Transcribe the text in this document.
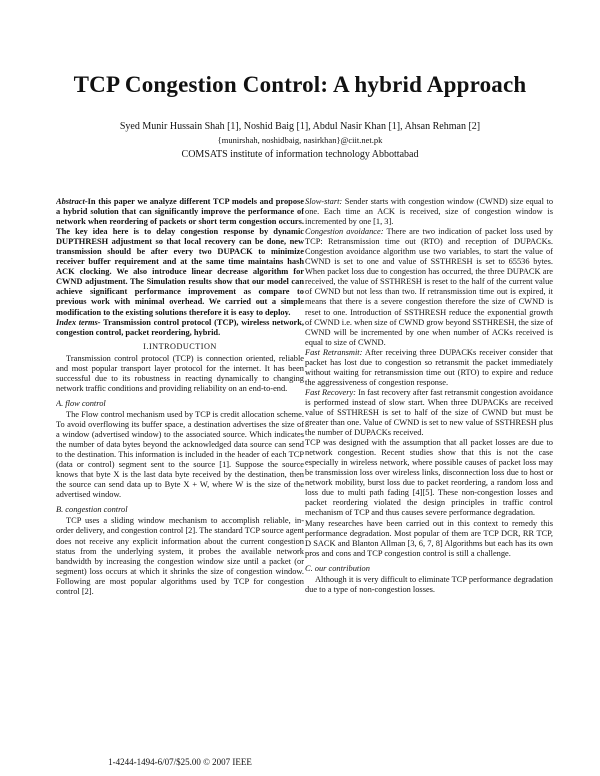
TCP Congestion Control: A hybrid Approach
Syed Munir Hussain Shah [1], Noshid Baig [1], Abdul Nasir Khan [1], Ahsan Rehman [2]
{munirshah, noshidbaig, nasirkhan}@ciit.net.pk
COMSATS institute of information technology Abbottabad

Abstract-In this paper we analyze different TCP models and propose a hybrid solution that can significantly improve the performance of network when reordering of packets or short term congestion occurs. The key idea here is to delay congestion response by dynamic DUPTHRESH adjustment so that local recovery can be done, new transmission should be after every two DUPACK to minimize receiver buffer requirement and at the same time maintains hash ACK clocking. We also introduce linear decrease algorithm for CWND adjustment. The Simulation results show that our model can achieve significant performance improvement as compare to previous work with minimal overhead. We carried out a simple modification to the existing solutions therefore it is easy to deploy.

Index terms- Transmission control protocol (TCP), wireless network, congestion control, packet reordering, hybrid.

I.INTRODUCTION

Transmission control protocol (TCP) is connection oriented, reliable and most popular transport layer protocol for the internet. It has been successful due to its robustness in reacting dynamically to changing network traffic conditions and providing reliability on an end-to-end.

A. flow control

The Flow control mechanism used by TCP is credit allocation scheme. To avoid overflowing its buffer space, a destination advertises the size of a window (advertised window) to the associated source. Which indicates the number of data bytes beyond the acknowledged data source can send to the destination. This information is included in the header of each TCP (data or control) segment sent to the source [1]. Suppose the source knows that byte X is the last data byte received by the destination, then the source can send data up to Byte X + W, where W is the size of the advertised window.

B. congestion control

TCP uses a sliding window mechanism to accomplish reliable, in-order delivery, and congestion control [2]. The standard TCP source agent does not receive any explicit information about the current congestion status from the underlying system, it probes the available network bandwidth by increasing the congestion window size until a packet (or segment) loss occurs at which it shrinks the size of congestion window. Following are most popular algorithms used by TCP for congestion control [2].

Slow-start: Sender starts with congestion window (CWND) size equal to one. Each time an ACK is received, size of congestion window is incremented by one [1, 3].

Congestion avoidance: There are two indication of packet loss used by TCP: Retransmission time out (RTO) and reception of DUPACKs. Congestion avoidance algorithm use two variables, to start the value of CWND is set to one and value of SSTHRESH is set to 65536 bytes. When packet loss due to congestion has occurred, the three DUPACK are received, the value of SSTHRESH is reset to the half of the current value of CWND but not less than two. If retransmission time out is expired, it means that there is a severe congestion therefore the size of CWND is reset to one. Introduction of SSTHRESH reduce the exponential growth of CWND i.e. when size of CWND grow beyond SSTHRESH, the size of CWND will be incremented by one when number of ACKs received is equal to size of CWND.

Fast Retransmit: After receiving three DUPACKs receiver consider that packet has lost due to congestion so retransmit the packet immediately without waiting for retransmission time out (RTO) to expire and reduce the aggressiveness of congestion response.

Fast Recovery: In fast recovery after fast retransmit congestion avoidance is performed instead of slow start. When three DUPACKs are received value of SSTHRESH is set to half of the size of CWND but must be greater than one. Value of CWND is set to new value of SSTHRESH plus the number of DUPACKs received.

TCP was designed with the assumption that all packet losses are due to network congestion. Recent studies show that this is not the case especially in wireless network, where possible causes of packet loss may be transmission loss over wireless links, disconnection loss due to host or network mobility, burst loss due to packet reordering, a random loss and loss due to multi path fading [4][5]. These non-congestion losses and packet reordering violated the design principles in traffic control mechanism of TCP and thus causes severe performance degradation.

Many researches have been carried out in this context to remedy this performance degradation. Most popular of them are TCP DCR, RR TCP, D SACK and Blanton Allman [3, 6, 7, 8] Algorithms but each has its own pros and cons and TCP congestion control is still a challenge.

C. our contribution

Although it is very difficult to eliminate TCP performance degradation due to a type of non-congestion losses.

1-4244-1494-6/07/$25.00 © 2007 IEEE
